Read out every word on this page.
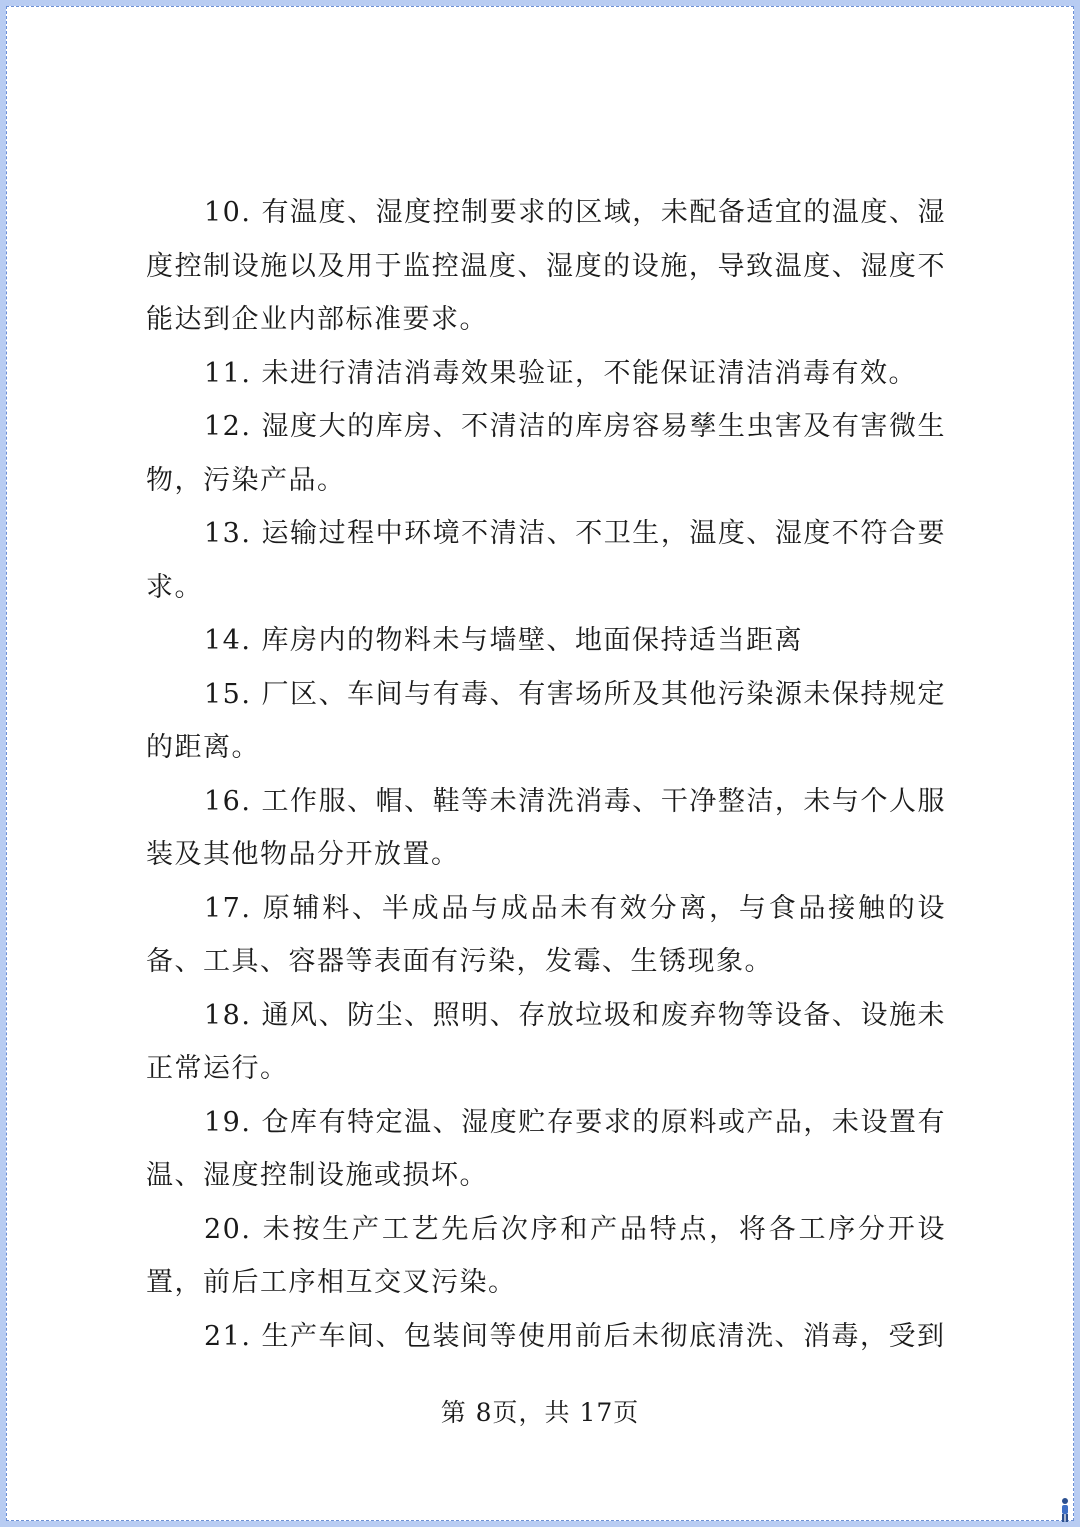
10. 有温度、湿度控制要求的区域，未配备适宜的温度、湿度控制设施以及用于监控温度、湿度的设施，导致温度、湿度不能达到企业内部标准要求。

11. 未进行清洁消毒效果验证，不能保证清洁消毒有效。

12. 湿度大的库房、不清洁的库房容易孳生虫害及有害微生物，污染产品。

13. 运输过程中环境不清洁、不卫生，温度、湿度不符合要求。

14. 库房内的物料未与墙壁、地面保持适当距离

15. 厂区、车间与有毒、有害场所及其他污染源未保持规定的距离。

16. 工作服、帽、鞋等未清洗消毒、干净整洁，未与个人服装及其他物品分开放置。

17. 原辅料、半成品与成品未有效分离，与食品接触的设备、工具、容器等表面有污染，发霉、生锈现象。

18. 通风、防尘、照明、存放垃圾和废弃物等设备、设施未正常运行。

19. 仓库有特定温、湿度贮存要求的原料或产品，未设置有温、湿度控制设施或损坏。

20. 未按生产工艺先后次序和产品特点，将各工序分开设置，前后工序相互交叉污染。

21. 生产车间、包装间等使用前后未彻底清洗、消毒，受到

第 8页，共 17页
